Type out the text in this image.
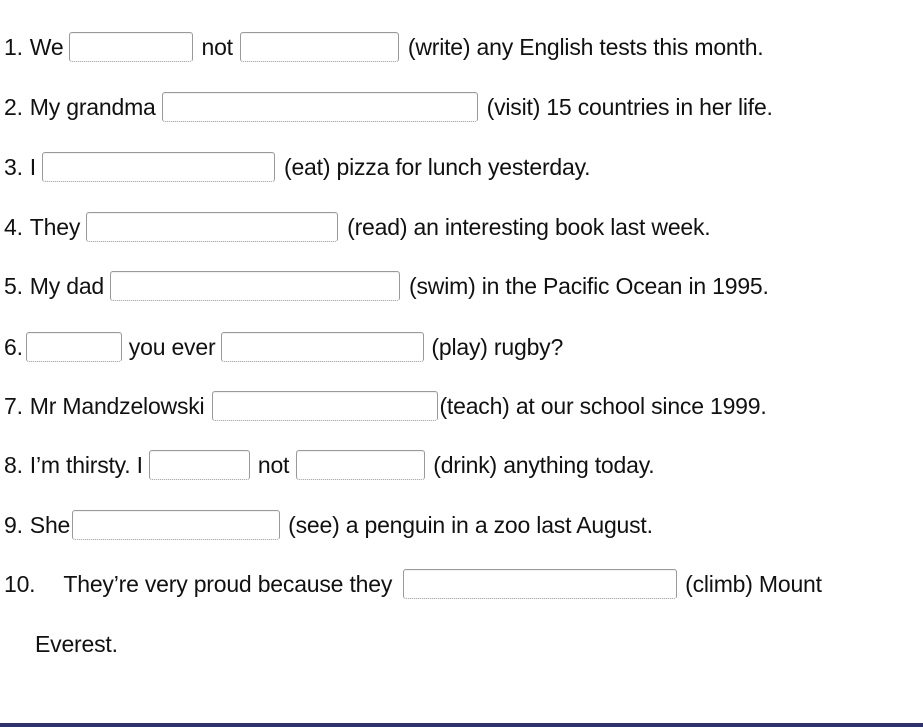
1. We	not	(write) any English tests this month.
2. My grandma	(visit) 15 countries in her life.
3. I	(eat) pizza for lunch yesterday.
4. They	(read) an interesting book last week.
5. My dad	(swim) in the Pacific Ocean in 1995.
6.	you ever	(play) rugby?
7. Mr Mandzelowski	(teach) at our school since 1999.
8. I’m thirsty. I	not	(drink) anything today.
9. She	(see) a penguin in a zoo last August.
10. They’re very proud because they	(climb) Mount
Everest.
